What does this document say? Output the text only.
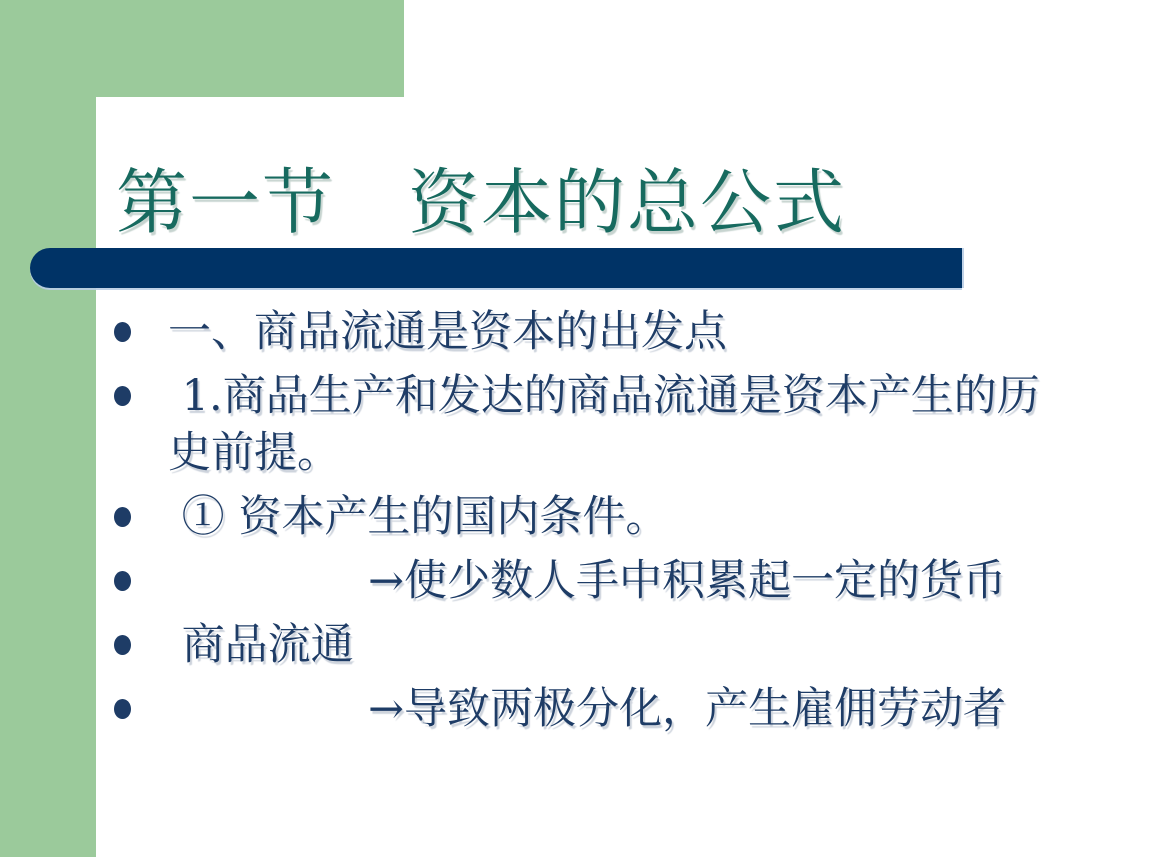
第一节　资本的总公式
一、商品流通是资本的出发点
1.商品生产和发达的商品流通是资本产生的历
史前提。
① 资本产生的国内条件。
→使少数人手中积累起一定的货币
商品流通
→导致两极分化，产生雇佣劳动者
